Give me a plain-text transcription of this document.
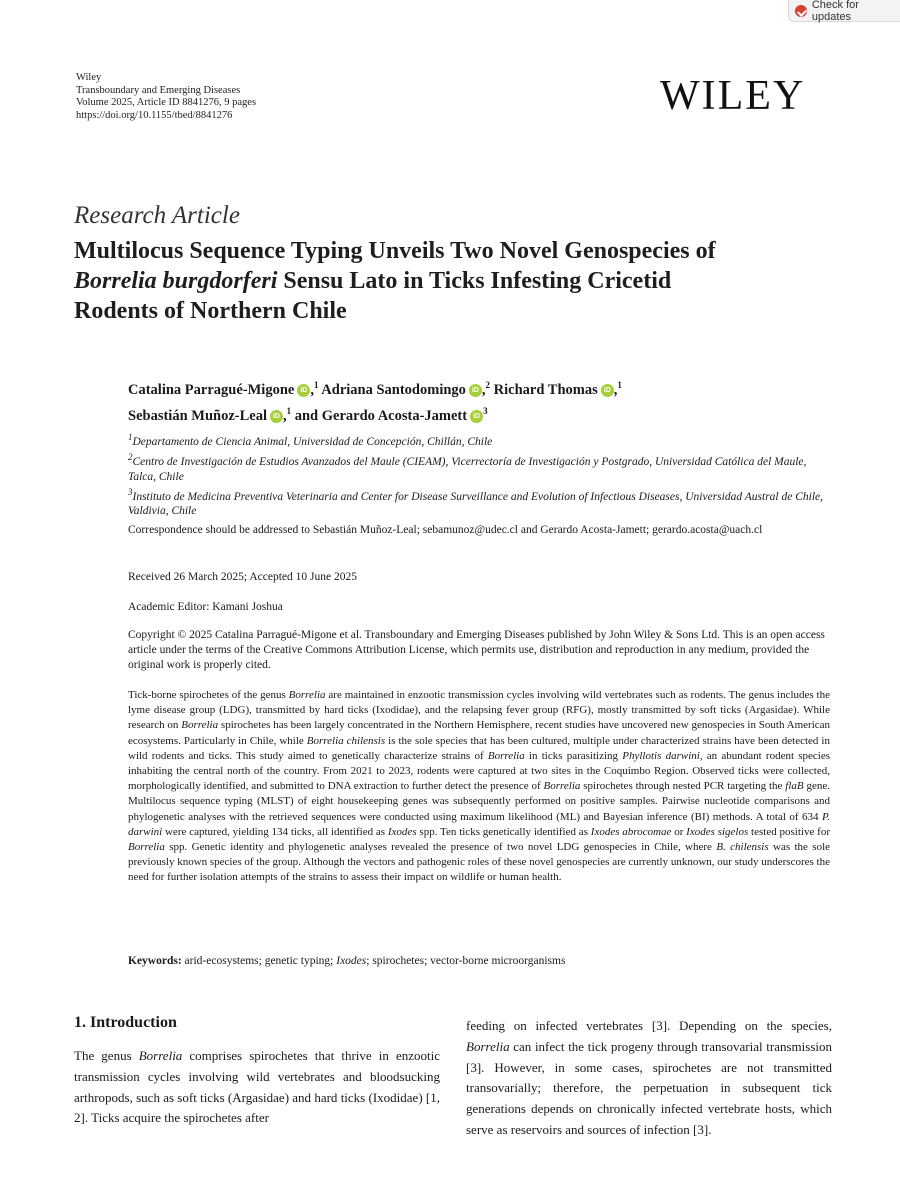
Check for updates
Wiley
Transboundary and Emerging Diseases
Volume 2025, Article ID 8841276, 9 pages
https://doi.org/10.1155/tbed/8841276	WILEY
Research Article
Multilocus Sequence Typing Unveils Two Novel Genospecies of
Borrelia burgdorferi Sensu Lato in Ticks Infesting Cricetid
Rodents of Northern Chile
Catalina Parragué-Migone iD ,$^1$ Adriana Santodomingo iD ,$^2$ Richard Thomas iD ,$^1$
Sebastián Muñoz-Leal iD ,$^1$ and Gerardo Acosta-Jamett $iD^3$

$^1$Departamento de Ciencia Animal, Universidad de Concepción, Chillán, Chile

$^2$Centro de Investigación de Estudios Avanzados del Maule (CIEAM), Vicerrectoría de Investigación y Postgrado, Universidad Católica del Maule, Talca, Chile

$^3$Instituto de Medicina Preventiva Veterinaria and Center for Disease Surveillance and Evolution of Infectious Diseases, Universidad Austral de Chile, Valdivia, Chile

Correspondence should be addressed to Sebastián Muñoz-Leal; sebamunoz@udec.cl and Gerardo Acosta-Jamett; gerardo.acosta@uach.cl
Received 26 March 2025; Accepted 10 June 2025
Academic Editor: Kamani Joshua
Copyright © 2025 Catalina Parragué-Migone et al. Transboundary and Emerging Diseases published by John Wiley & Sons Ltd. This is an open access article under the terms of the Creative Commons Attribution License, which permits use, distribution and reproduction in any medium, provided the original work is properly cited.
Tick-borne spirochetes of the genus Borrelia are maintained in enzootic transmission cycles involving wild vertebrates such as rodents. The genus includes the lyme disease group (LDG), transmitted by hard ticks (Ixodidae), and the relapsing fever group (RFG), mostly transmitted by soft ticks (Argasidae). While research on Borrelia spirochetes has been largely concentrated in the Northern Hemisphere, recent studies have uncovered new genospecies in South American ecosystems. Particularly in Chile, while Borrelia chilensis is the sole species that has been cultured, multiple under characterized strains have been detected in wild rodents and ticks. This study aimed to genetically characterize strains of Borrelia in ticks parasitizing Phyllotis darwini, an abundant rodent species inhabiting the central north of the country. From 2021 to 2023, rodents were captured at two sites in the Coquimbo Region. Observed ticks were collected, morphologically identified, and submitted to DNA extraction to further detect the presence of Borrelia spirochetes through nested PCR targeting the flaB gene. Multilocus sequence typing (MLST) of eight housekeeping genes was subsequently performed on positive samples. Pairwise nucleotide comparisons and phylogenetic analyses with the retrieved sequences were conducted using maximum likelihood (ML) and Bayesian inference (BI) methods. A total of 634 P. darwini were captured, yielding 134 ticks, all identified as Ixodes spp. Ten ticks genetically identified as Ixodes abrocomae or Ixodes sigelos tested positive for Borrelia spp. Genetic identity and phylogenetic analyses revealed the presence of two novel LDG genospecies in Chile, where B. chilensis was the sole previously known species of the group. Although the vectors and pathogenic roles of these novel genospecies are currently unknown, our study underscores the need for further isolation attempts of the strains to assess their impact on wildlife or human health.
Keywords: arid-ecosystems; genetic typing; Ixodes; spirochetes; vector-borne microorganisms
1. Introduction
The genus Borrelia comprises spirochetes that thrive in enzootic transmission cycles involving wild vertebrates and bloodsucking arthropods, such as soft ticks (Argasidae) and hard ticks (Ixodidae) [1, 2]. Ticks acquire the spirochetes after
feeding on infected vertebrates [3]. Depending on the species, Borrelia can infect the tick progeny through transovarial transmission [3]. However, in some cases, spirochetes are not transmitted transovarially; therefore, the perpetuation in subsequent tick generations depends on chronically infected vertebrate hosts, which serve as reservoirs and sources of infection [3].
